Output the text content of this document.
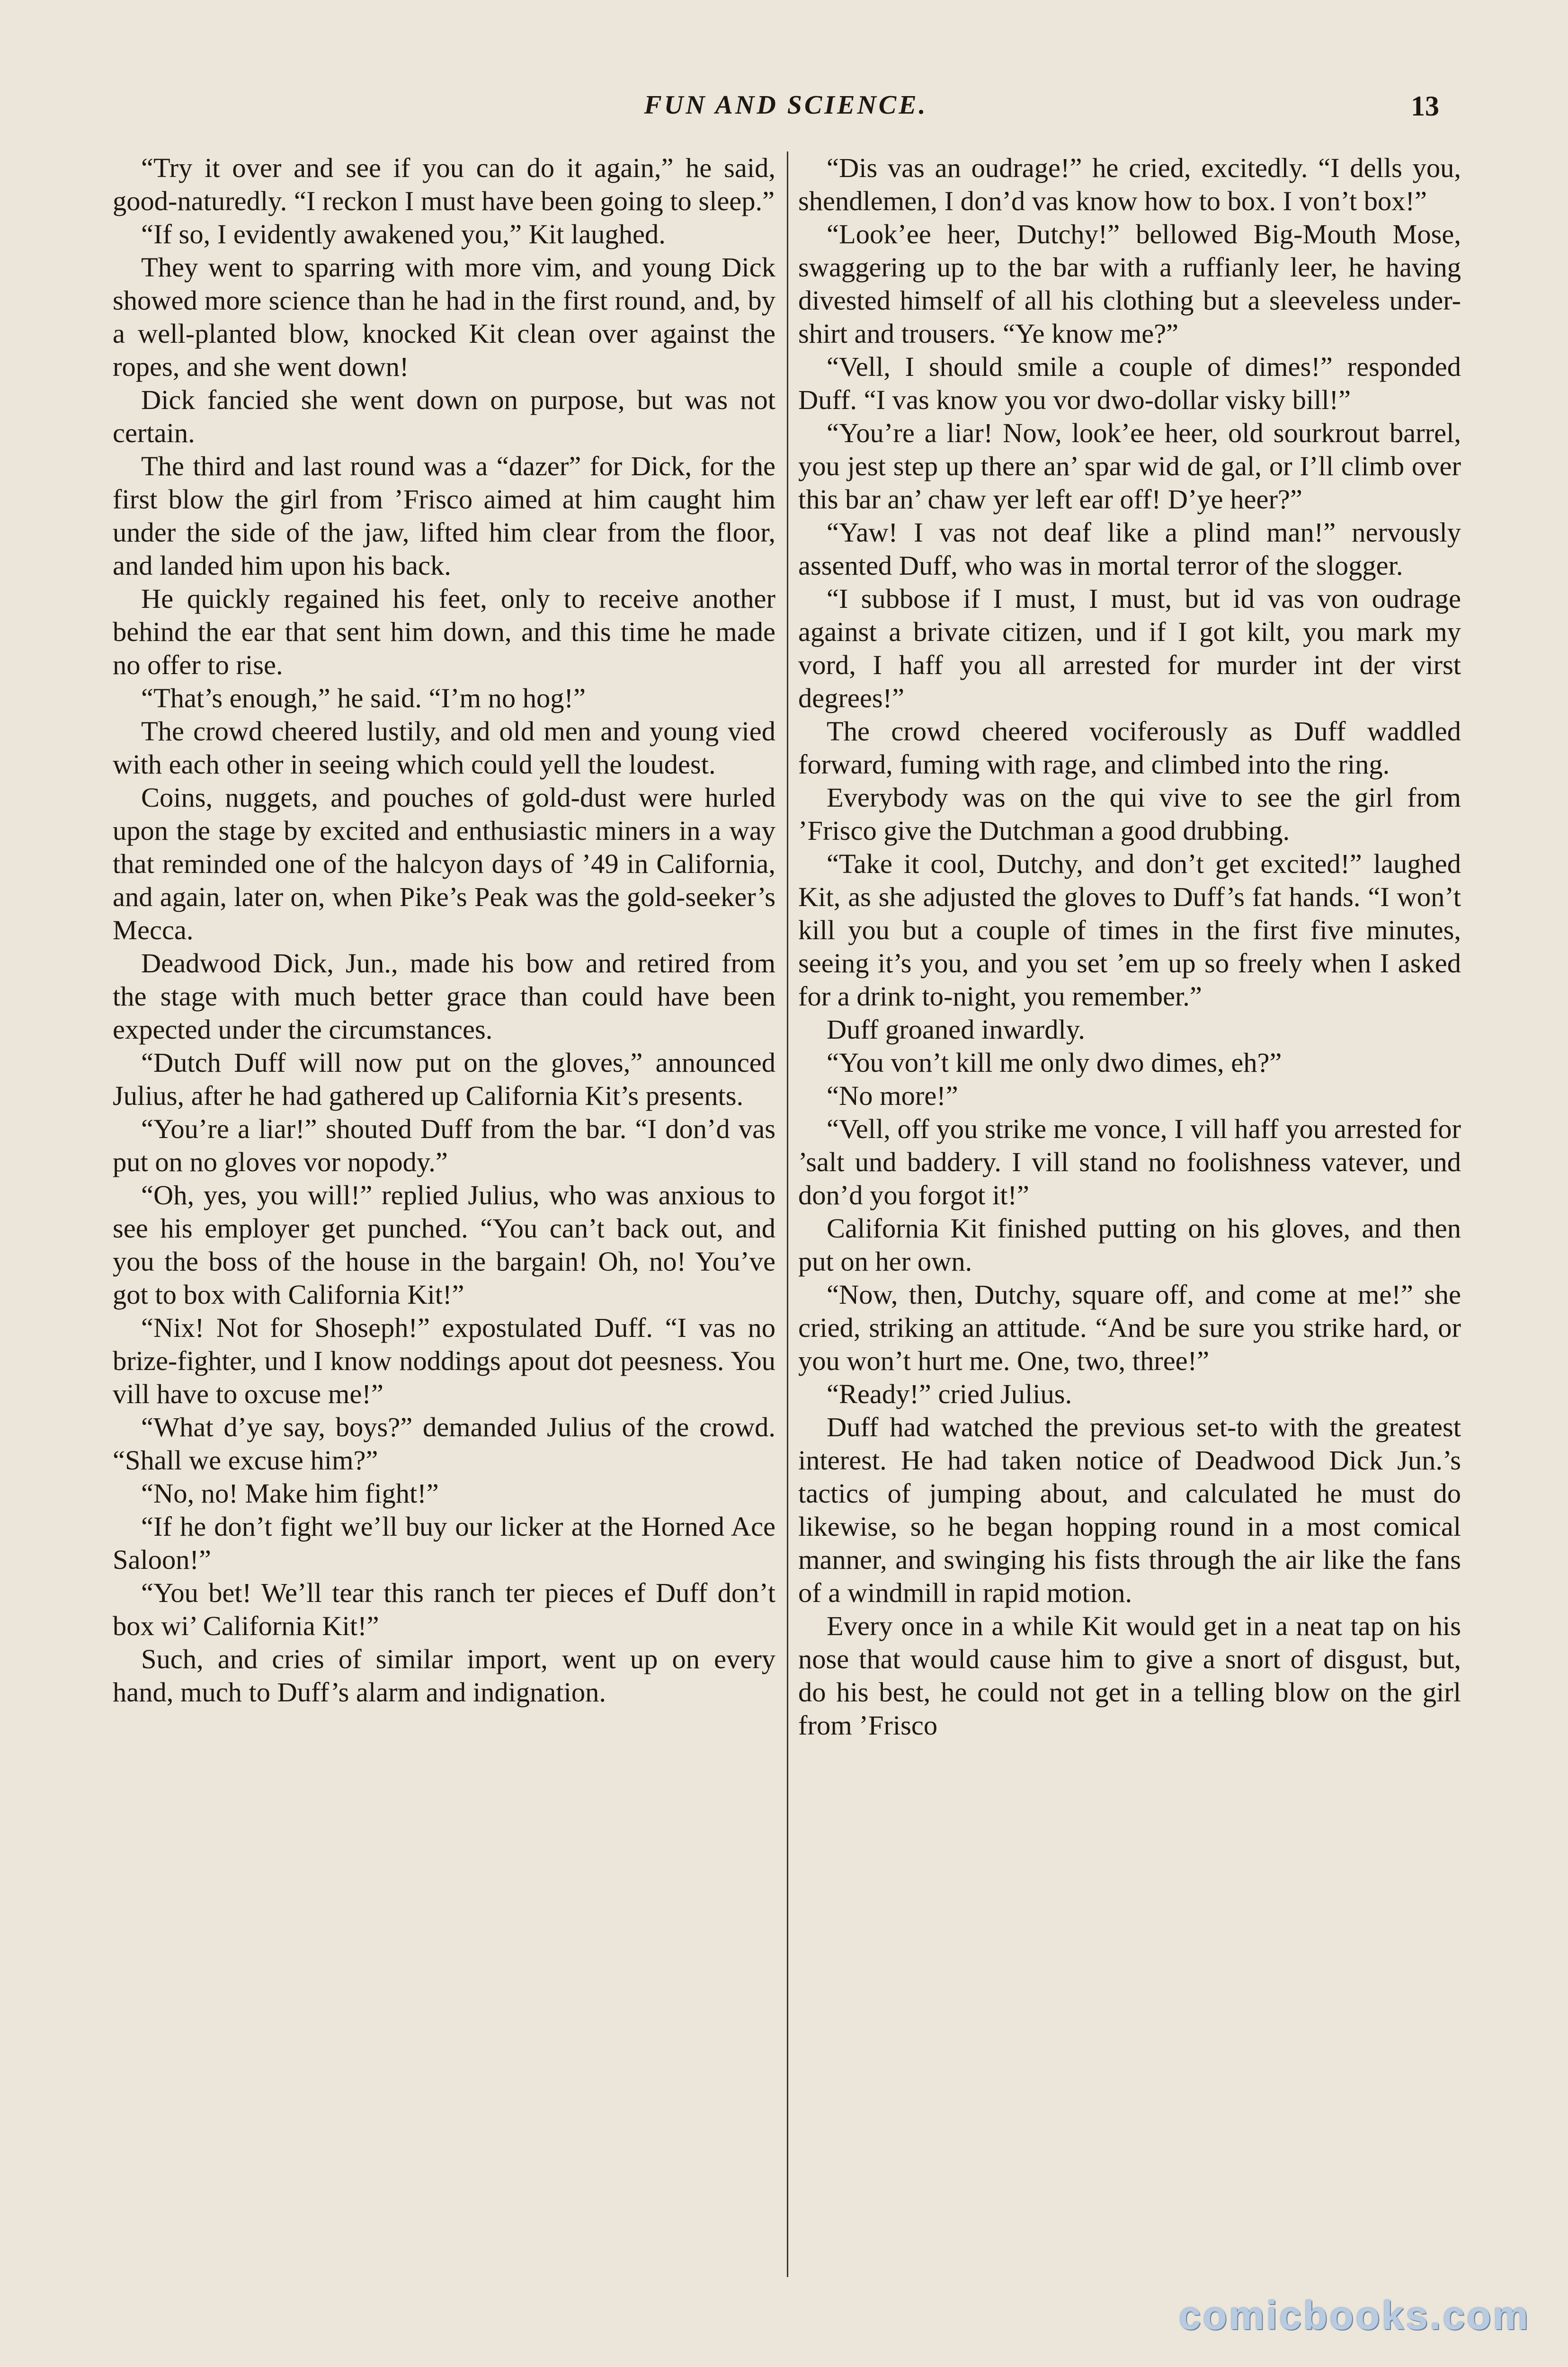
FUN AND SCIENCE.	13

“Try it over and see if you can do it again,” he said, good-naturedly. “I reckon I must have been going to sleep.”

“If so, I evidently awakened you,” Kit laughed.

They went to sparring with more vim, and young Dick showed more science than he had in the first round, and, by a well-planted blow, knocked Kit clean over against the ropes, and she went down!

Dick fancied she went down on purpose, but was not certain.

The third and last round was a “dazer” for Dick, for the first blow the girl from ’Frisco aimed at him caught him under the side of the jaw, lifted him clear from the floor, and landed him upon his back.

He quickly regained his feet, only to receive another behind the ear that sent him down, and this time he made no offer to rise.

“That’s enough,” he said. “I’m no hog!”

The crowd cheered lustily, and old men and young vied with each other in seeing which could yell the loudest.

Coins, nuggets, and pouches of gold-dust were hurled upon the stage by excited and enthusiastic miners in a way that reminded one of the halcyon days of ’49 in California, and again, later on, when Pike’s Peak was the gold-seeker’s Mecca.

Deadwood Dick, Jun., made his bow and retired from the stage with much better grace than could have been expected under the circumstances.

“Dutch Duff will now put on the gloves,” announced Julius, after he had gathered up California Kit’s presents.

“You’re a liar!” shouted Duff from the bar. “I don’d vas put on no gloves vor nopody.”

“Oh, yes, you will!” replied Julius, who was anxious to see his employer get punched. “You can’t back out, and you the boss of the house in the bargain! Oh, no! You’ve got to box with California Kit!”

“Nix! Not for Shoseph!” expostulated Duff. “I vas no brize-fighter, und I know noddings apout dot peesness. You vill have to oxcuse me!”

“What d’ye say, boys?” demanded Julius of the crowd. “Shall we excuse him?”

“No, no! Make him fight!”

“If he don’t fight we’ll buy our licker at the Horned Ace Saloon!”

“You bet! We’ll tear this ranch ter pieces ef Duff don’t box wi’ California Kit!”

Such, and cries of similar import, went up on every hand, much to Duff’s alarm and indignation.

“Dis vas an oudrage!” he cried, excitedly. “I dells you, shendlemen, I don’d vas know how to box. I von’t box!”

“Look’ee heer, Dutchy!” bellowed Big-Mouth Mose, swaggering up to the bar with a ruffianly leer, he having divested himself of all his clothing but a sleeveless under-shirt and trousers. “Ye know me?”

“Vell, I should smile a couple of dimes!” responded Duff. “I vas know you vor dwo-dollar visky bill!”

“You’re a liar! Now, look’ee heer, old sourkrout barrel, you jest step up there an’ spar wid de gal, or I’ll climb over this bar an’ chaw yer left ear off! D’ye heer?”

“Yaw! I vas not deaf like a plind man!” nervously assented Duff, who was in mortal terror of the slogger.

“I subbose if I must, I must, but id vas von oudrage against a brivate citizen, und if I got kilt, you mark my vord, I haff you all arrested for murder int der virst degrees!”

The crowd cheered vociferously as Duff waddled forward, fuming with rage, and climbed into the ring.

Everybody was on the qui vive to see the girl from ’Frisco give the Dutchman a good drubbing.

“Take it cool, Dutchy, and don’t get excited!” laughed Kit, as she adjusted the gloves to Duff’s fat hands. “I won’t kill you but a couple of times in the first five minutes, seeing it’s you, and you set ’em up so freely when I asked for a drink to-night, you remember.”

Duff groaned inwardly.

“You von’t kill me only dwo dimes, eh?”

“No more!”

“Vell, off you strike me vonce, I vill haff you arrested for ’salt und baddery. I vill stand no foolishness vatever, und don’d you forgot it!”

California Kit finished putting on his gloves, and then put on her own.

“Now, then, Dutchy, square off, and come at me!” she cried, striking an attitude. “And be sure you strike hard, or you won’t hurt me. One, two, three!”

“Ready!” cried Julius.

Duff had watched the previous set-to with the greatest interest. He had taken notice of Deadwood Dick Jun.’s tactics of jumping about, and calculated he must do likewise, so he began hopping round in a most comical manner, and swinging his fists through the air like the fans of a windmill in rapid motion.

Every once in a while Kit would get in a neat tap on his nose that would cause him to give a snort of disgust, but, do his best, he could not get in a telling blow on the girl from ’Frisco

comicbooks.com
